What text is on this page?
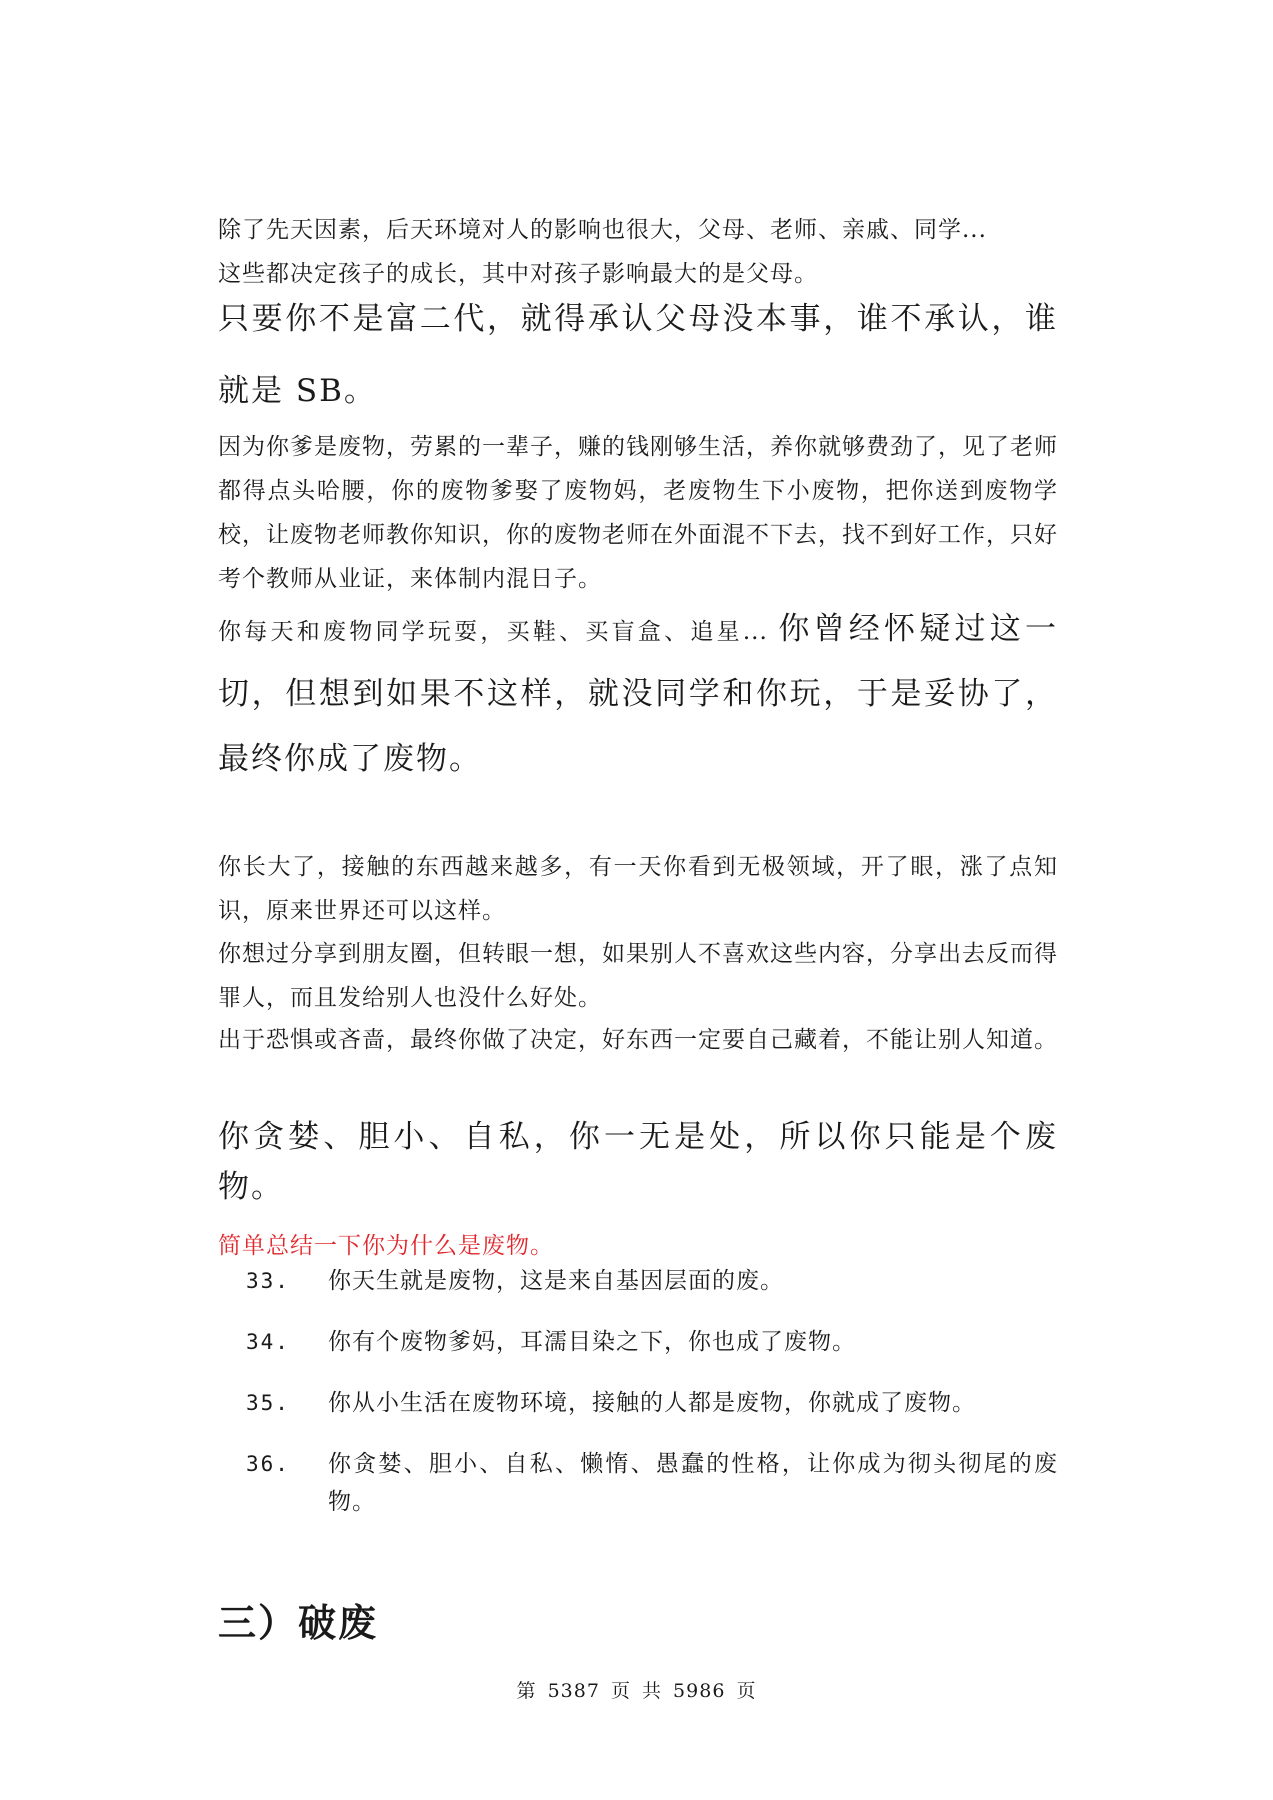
除了先天因素，后天环境对人的影响也很大，父母、老师、亲戚、同学...
这些都决定孩子的成长，其中对孩子影响最大的是父母。

只要你不是富二代，就得承认父母没本事，谁不承认，谁就是 SB。

因为你爹是废物，劳累的一辈子，赚的钱刚够生活，养你就够费劲了，见了老师都得点头哈腰，你的废物爹娶了废物妈，老废物生下小废物，把你送到废物学校，让废物老师教你知识，你的废物老师在外面混不下去，找不到好工作，只好考个教师从业证，来体制内混日子。

你每天和废物同学玩耍，买鞋、买盲盒、追星... 你曾经怀疑过这一切，但想到如果不这样，就没同学和你玩，于是妥协了，最终你成了废物。

你长大了，接触的东西越来越多，有一天你看到无极领域，开了眼，涨了点知识，原来世界还可以这样。

你想过分享到朋友圈，但转眼一想，如果别人不喜欢这些内容，分享出去反而得罪人，而且发给别人也没什么好处。

出于恐惧或吝啬，最终你做了决定，好东西一定要自己藏着，不能让别人知道。

你贪婪、胆小、自私，你一无是处，所以你只能是个废物。

简单总结一下你为什么是废物。

33. 你天生就是废物，这是来自基因层面的废。
34. 你有个废物爹妈，耳濡目染之下，你也成了废物。
35. 你从小生活在废物环境，接触的人都是废物，你就成了废物。
36. 你贪婪、胆小、自私、懒惰、愚蠢的性格，让你成为彻头彻尾的废物。
三）破废
第 5387 页 共 5986 页
